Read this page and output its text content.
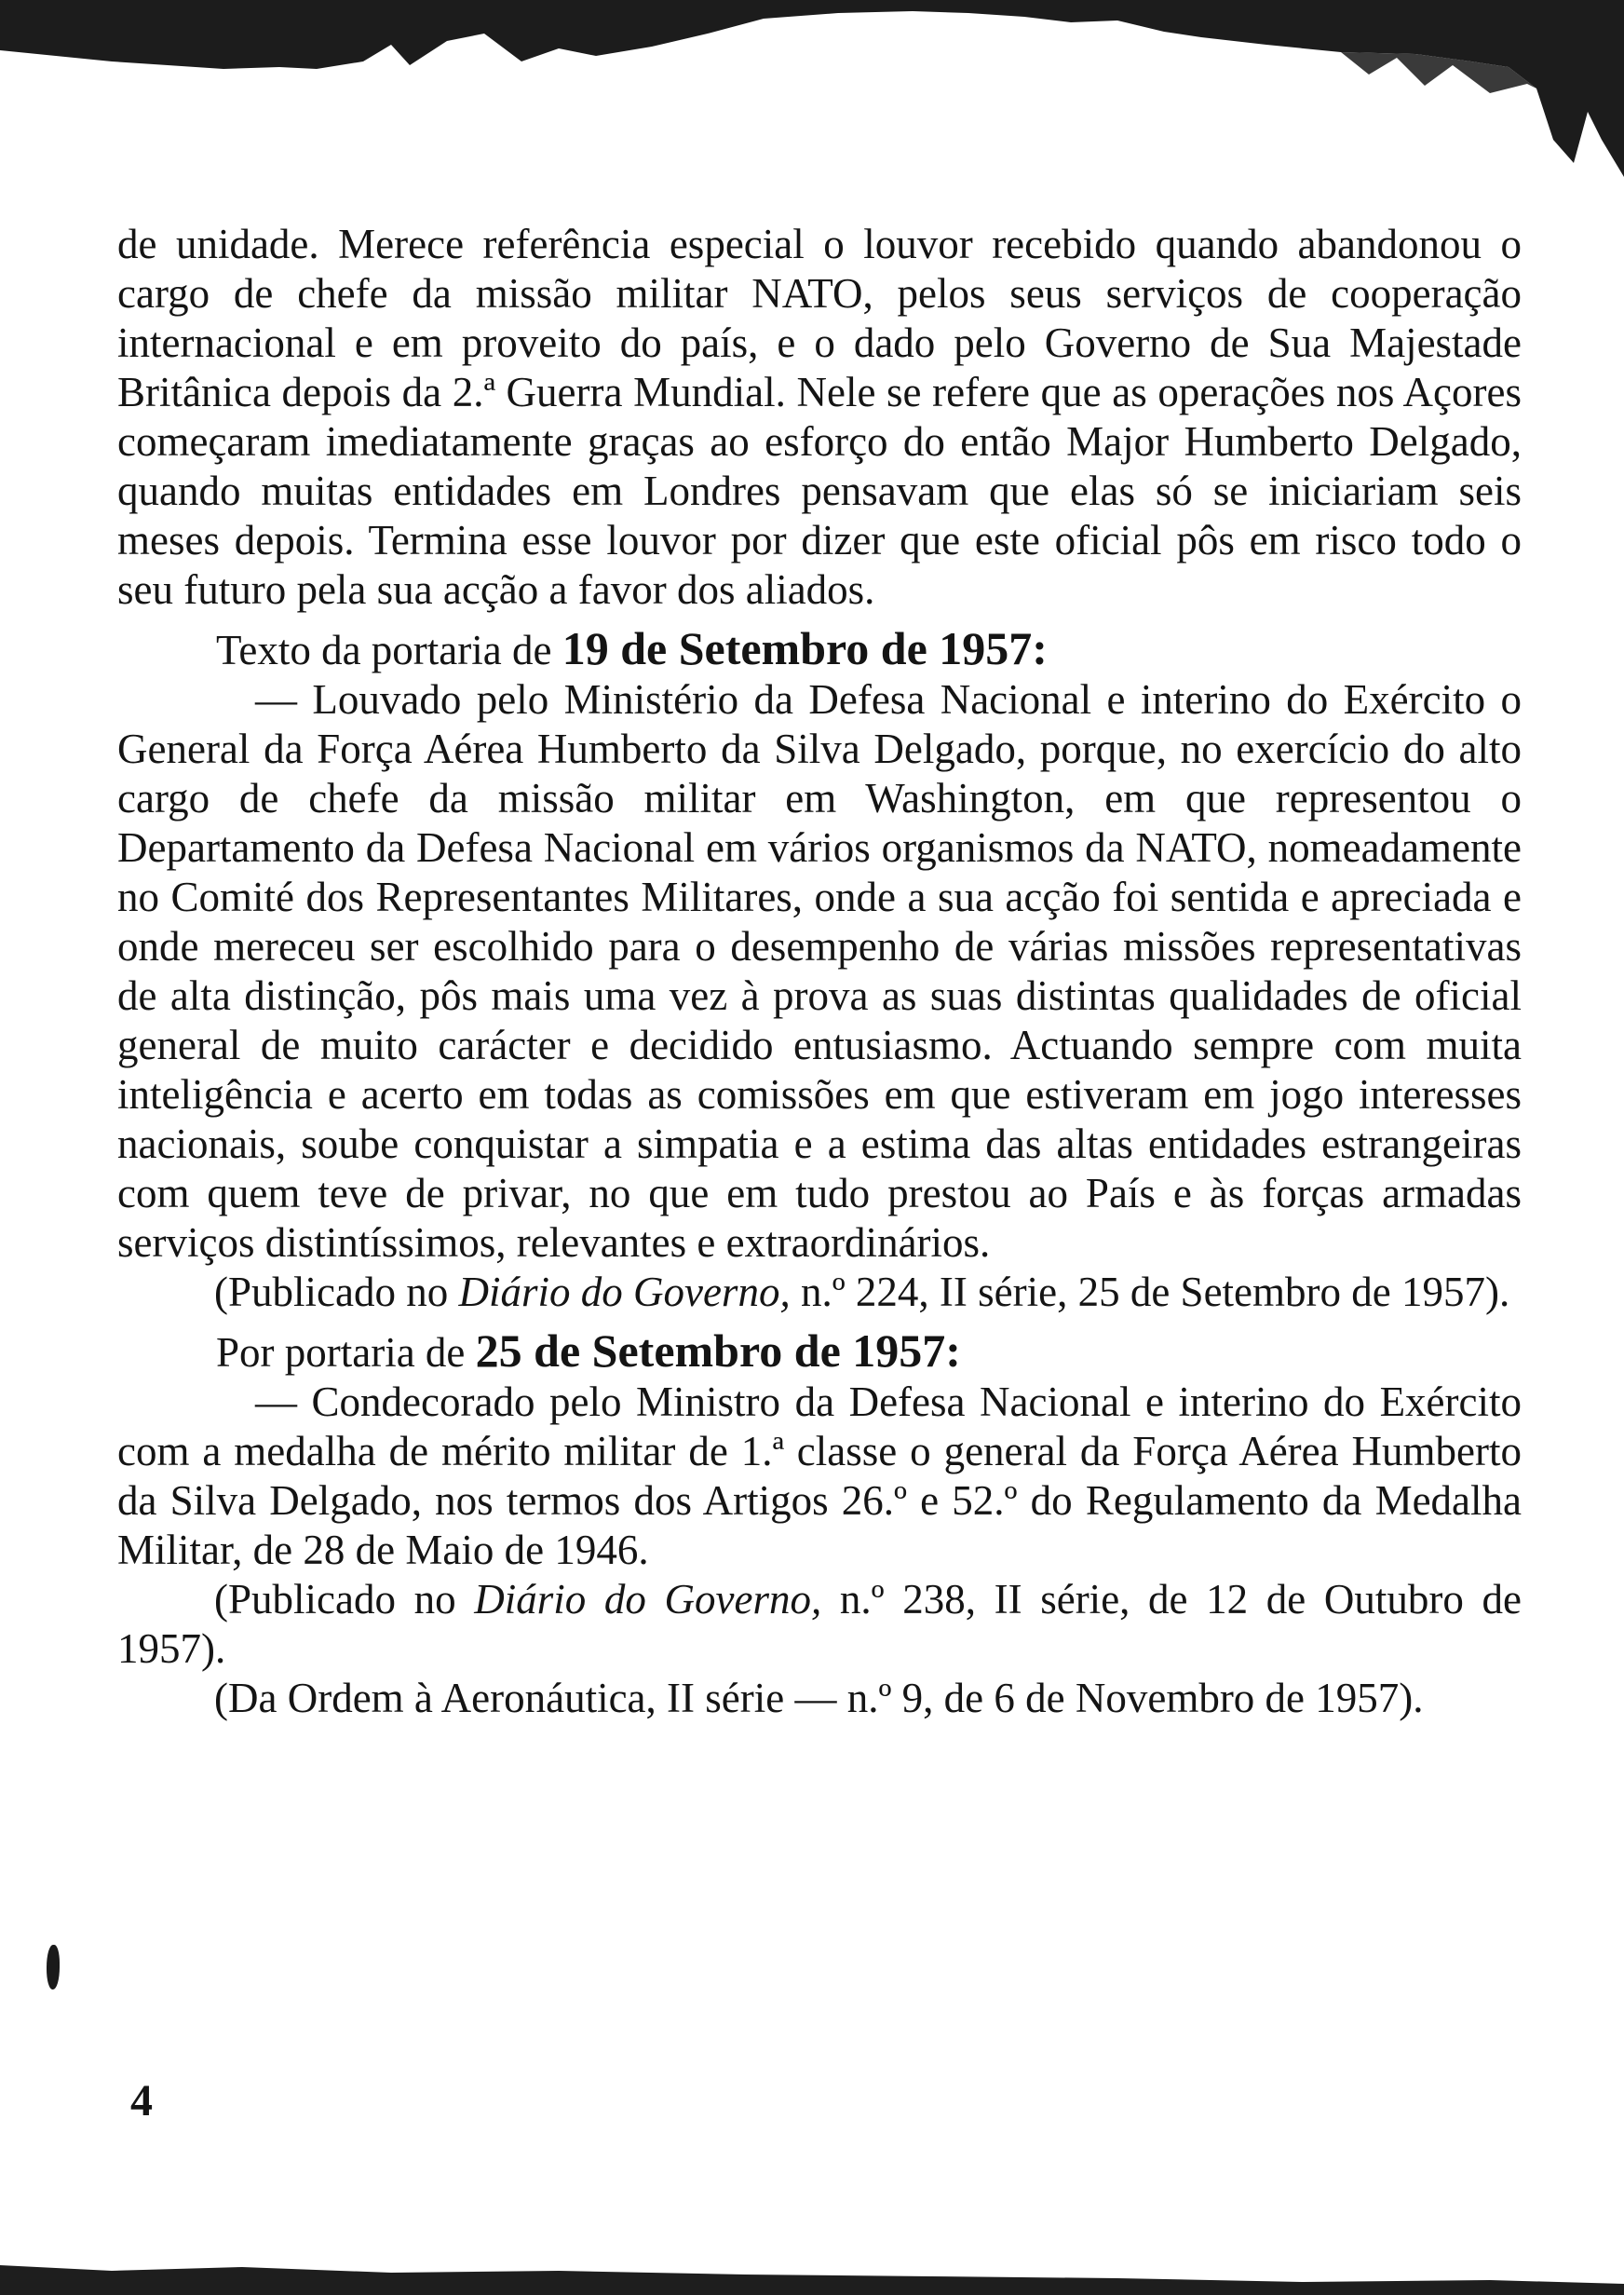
de unidade. Merece referência especial o louvor recebido quando abandonou o cargo de chefe da missão militar NATO, pelos seus serviços de cooperação internacional e em proveito do país, e o dado pelo Governo de Sua Majestade Britânica depois da 2.ª Guerra Mundial. Nele se refere que as operações nos Açores começaram imediatamente graças ao esforço do então Major Humberto Delgado, quando muitas entidades em Londres pensavam que elas só se iniciariam seis meses depois. Termina esse louvor por dizer que este oficial pôs em risco todo o seu futuro pela sua acção a favor dos aliados.

Texto da portaria de 19 de Setembro de 1957:

— Louvado pelo Ministério da Defesa Nacional e interino do Exército o General da Força Aérea Humberto da Silva Delgado, porque, no exercício do alto cargo de chefe da missão militar em Washington, em que representou o Departamento da Defesa Nacional em vários organismos da NATO, nomeadamente no Comité dos Representantes Militares, onde a sua acção foi sentida e apreciada e onde mereceu ser escolhido para o desempenho de várias missões representativas de alta distinção, pôs mais uma vez à prova as suas distintas qualidades de oficial general de muito carácter e decidido entusiasmo. Actuando sempre com muita inteligência e acerto em todas as comissões em que estiveram em jogo interesses nacionais, soube conquistar a simpatia e a estima das altas entidades estrangeiras com quem teve de privar, no que em tudo prestou ao País e às forças armadas serviços distintíssimos, relevantes e extraordinários.

(Publicado no Diário do Governo, n.º 224, II série, 25 de Setembro de 1957).

Por portaria de 25 de Setembro de 1957:

— Condecorado pelo Ministro da Defesa Nacional e interino do Exército com a medalha de mérito militar de 1.ª classe o general da Força Aérea Humberto da Silva Delgado, nos termos dos Artigos 26.º e 52.º do Regulamento da Medalha Militar, de 28 de Maio de 1946.

(Publicado no Diário do Governo, n.º 238, II série, de 12 de Outubro de 1957).

(Da Ordem à Aeronáutica, II série — n.º 9, de 6 de Novembro de 1957).

4
